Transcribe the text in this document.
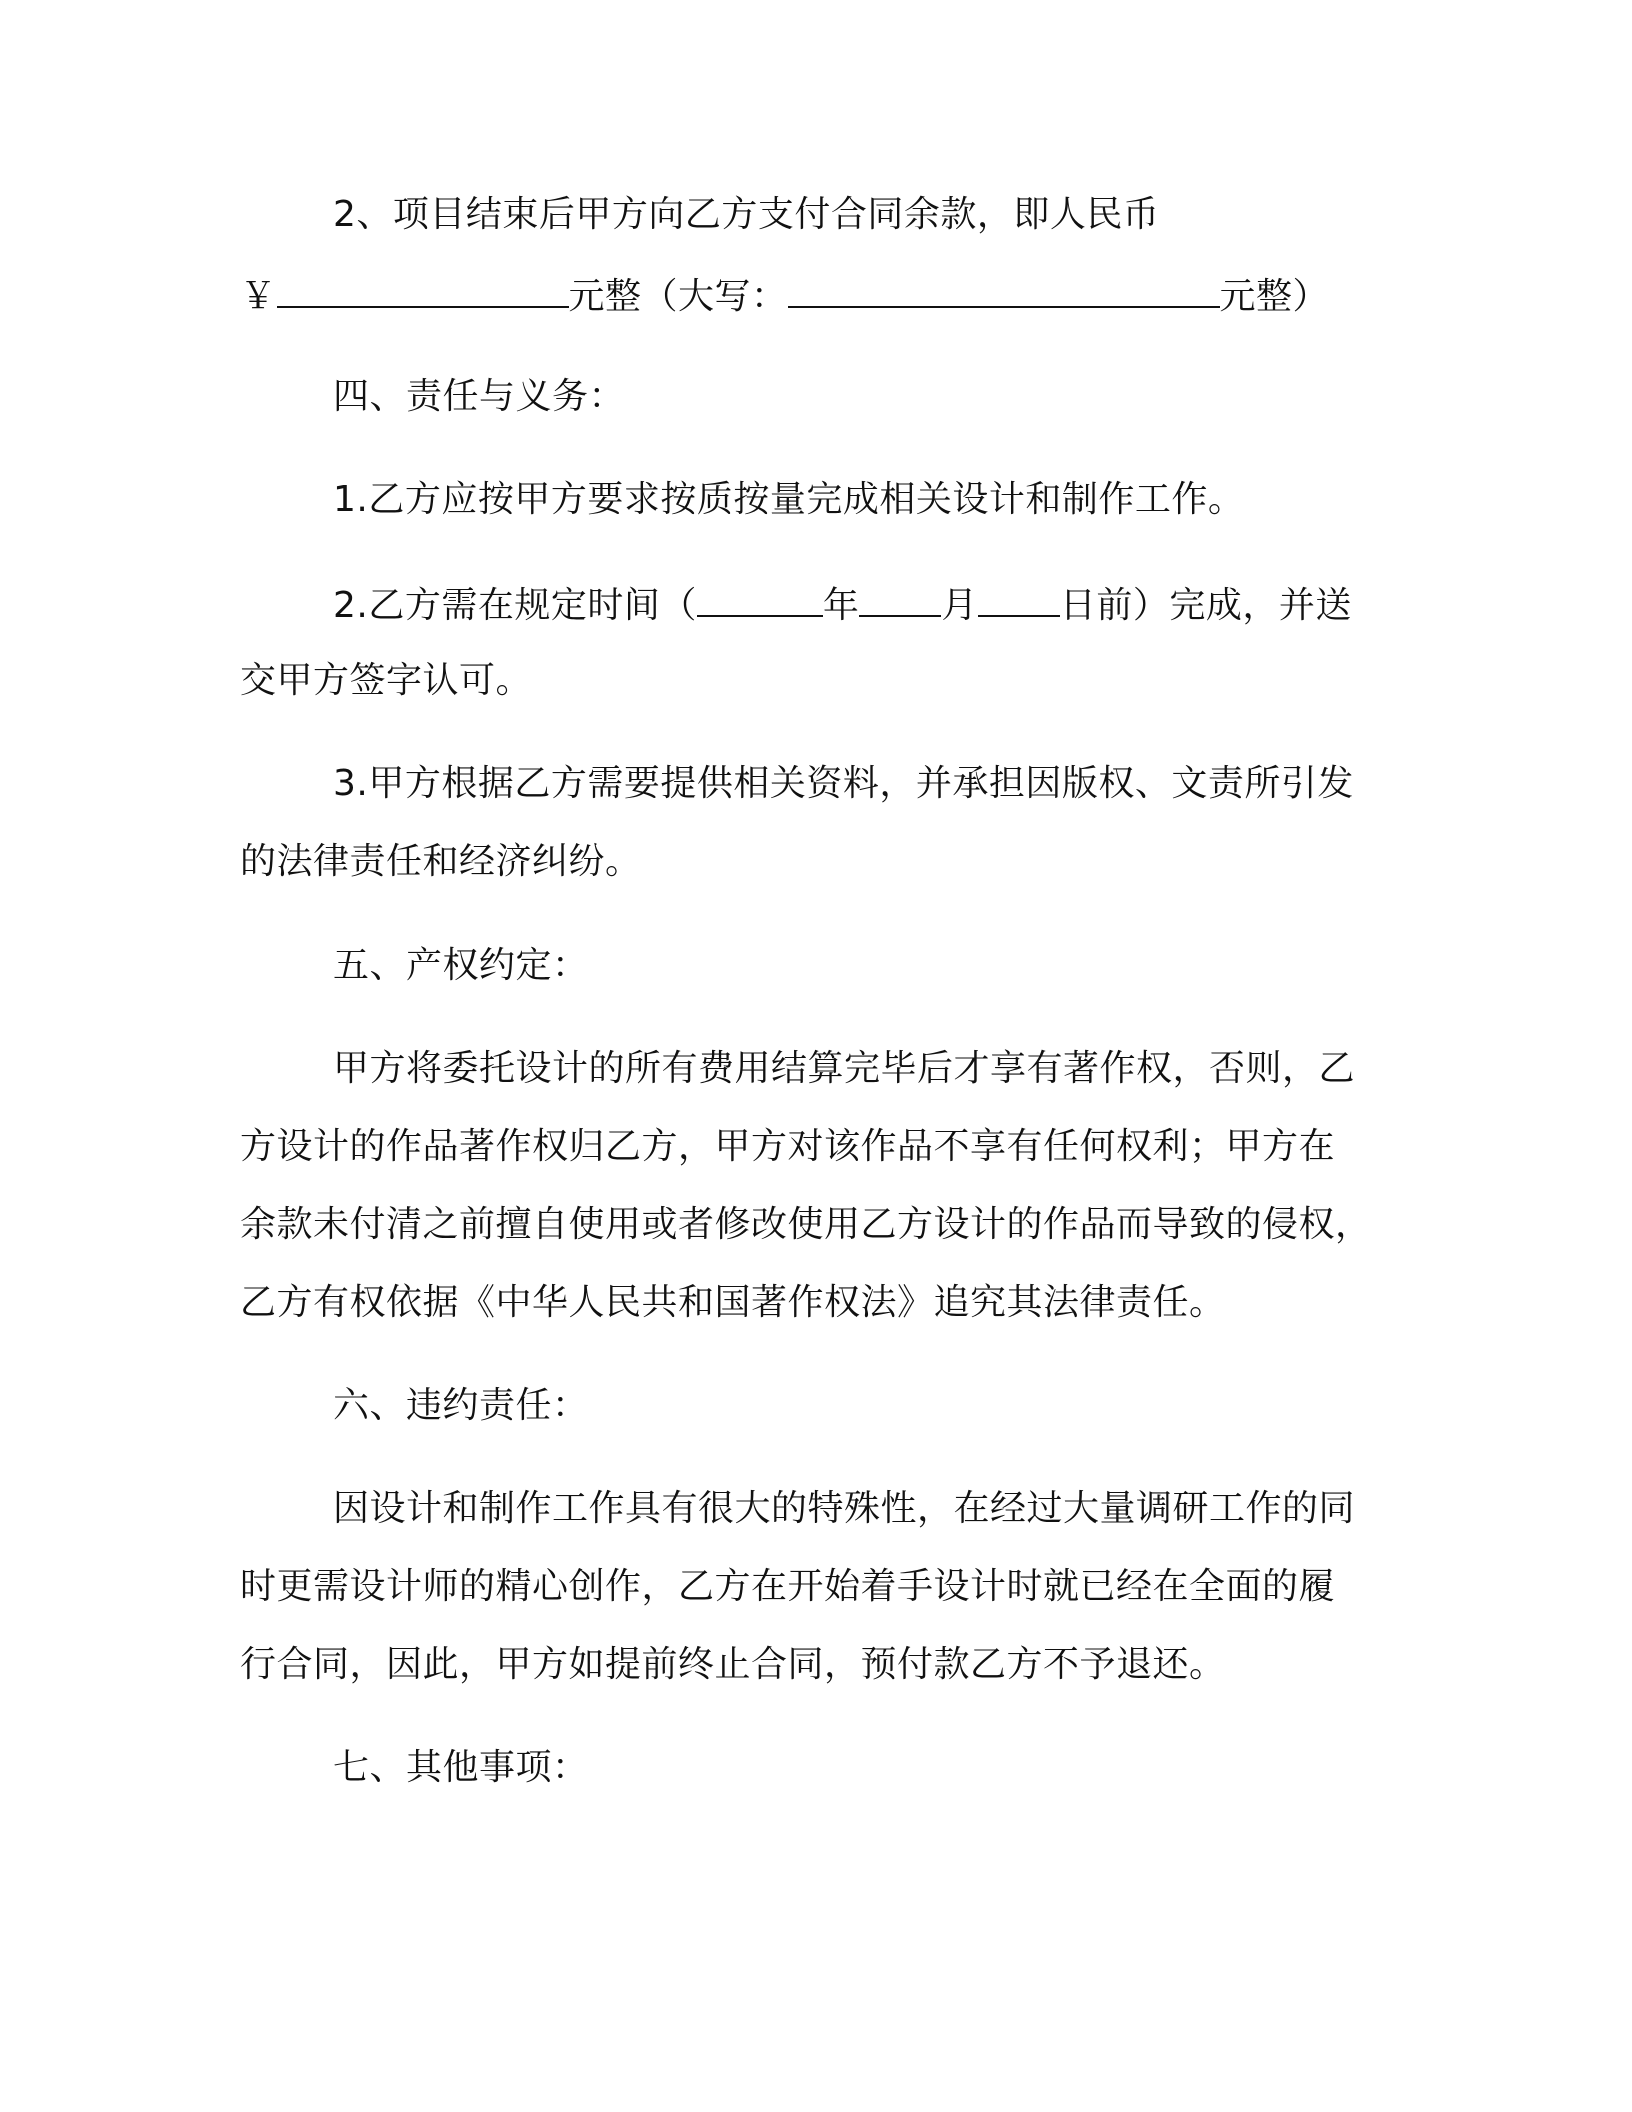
2、项目结束后甲方向乙方支付合同余款，即人民币
￥	元整（大写：	元整）
四、责任与义务：
1.乙方应按甲方要求按质按量完成相关设计和制作工作。
2.乙方需在规定时间（	年 月 日前）完成，并送
交甲方签字认可。
3.甲方根据乙方需要提供相关资料，并承担因版权、文责所引发
的法律责任和经济纠纷。
五、产权约定：
甲方将委托设计的所有费用结算完毕后才享有著作权，否则，乙
方设计的作品著作权归乙方，甲方对该作品不享有任何权利；甲方在
余款未付清之前擅自使用或者修改使用乙方设计的作品而导致的侵权，
乙方有权依据《中华人民共和国著作权法》追究其法律责任。
六、违约责任：
因设计和制作工作具有很大的特殊性，在经过大量调研工作的同
时更需设计师的精心创作，乙方在开始着手设计时就已经在全面的履
行合同，因此，甲方如提前终止合同，预付款乙方不予退还。
七、其他事项：
